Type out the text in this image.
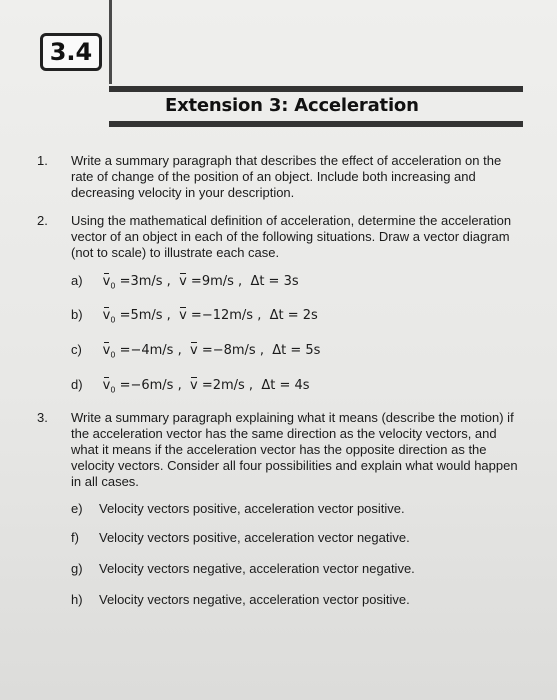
3.4
Extension 3: Acceleration
1.	Write a summary paragraph that describes the effect of acceleration on the rate of change of the position of an object. Include both increasing and decreasing velocity in your description.
2.	Using the mathematical definition of acceleration, determine the acceleration vector of an object in each of the following situations. Draw a vector diagram (not to scale) to illustrate each case.
a) $v_0 =3m/s$ , v =9m/s , Δt = 3s
b) $v_0 =5m/s$ , v =−12m/s , Δt = 2s
c) $v_0 =-4m/s$ , v =−8m/s , Δt = 5s
d) $v_0 =-6m/s$ , v =2m/s , Δt = 4s
3.	Write a summary paragraph explaining what it means (describe the motion) if the acceleration vector has the same direction as the velocity vectors, and what it means if the acceleration vector has the opposite direction as the velocity vectors. Consider all four possibilities and explain what would happen in all cases.
e) Velocity vectors positive, acceleration vector positive.
f) Velocity vectors positive, acceleration vector negative.
g) Velocity vectors negative, acceleration vector negative.
h) Velocity vectors negative, acceleration vector positive.
